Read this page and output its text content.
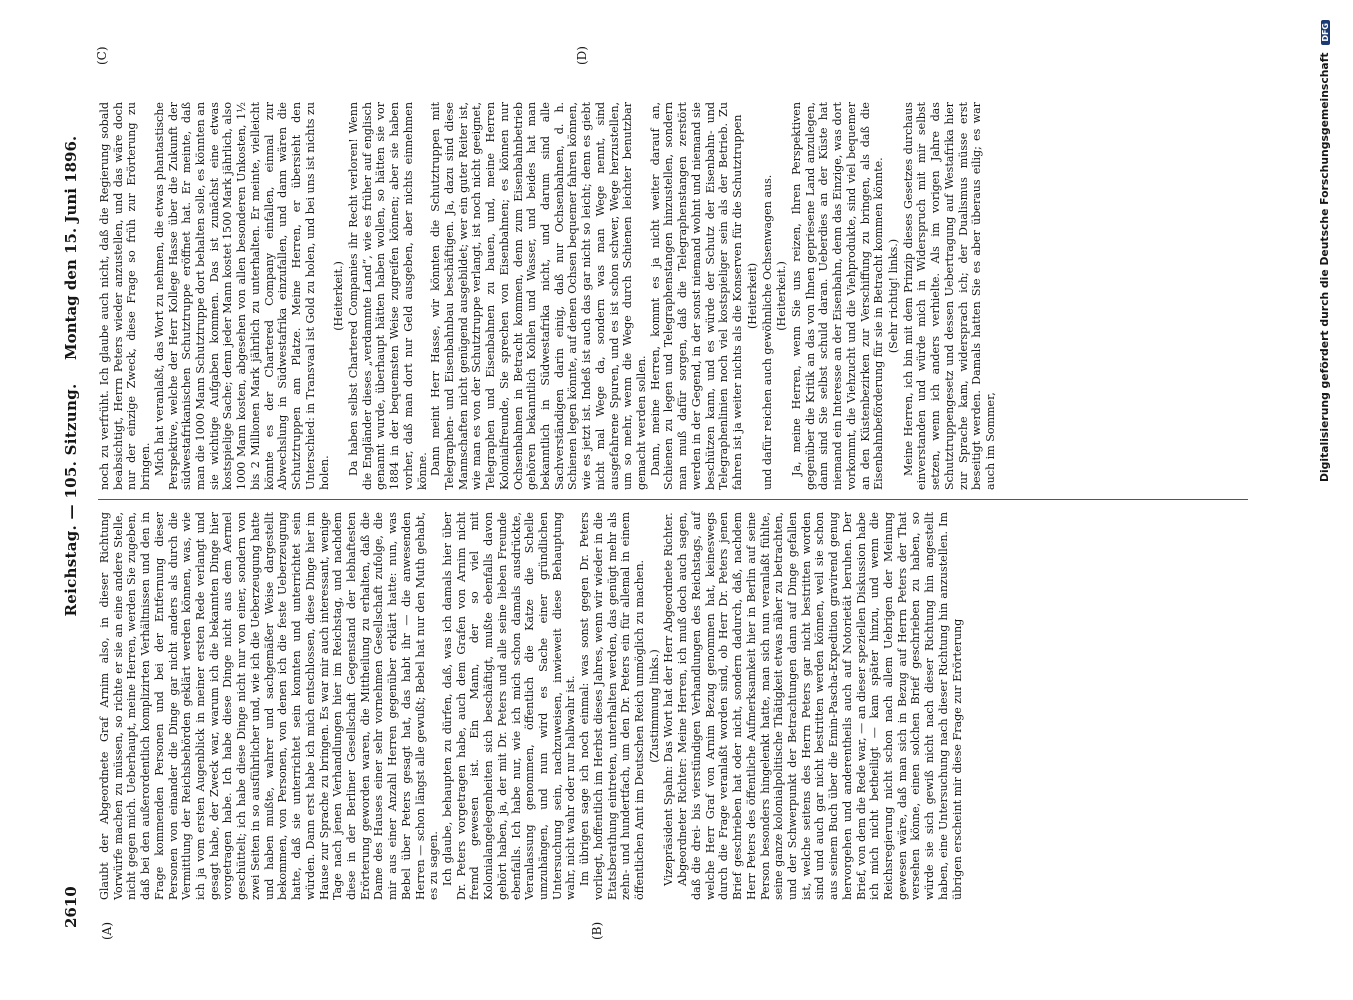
2610
Reichstag. — 105. Sitzung.
Montag den 15. Juni 1896.
(A)	(B)
(C)	(D)

Glaubt der Abgeordnete Graf Arnim also, in dieser Richtung Vorwürfe machen zu müssen, so richte er sie an eine andere Stelle, nicht gegen mich. Ueberhaupt, meine Herren, werden Sie zugeben, daß bei den außerordentlich komplizirten Verhältnissen und den in Frage kommenden Personen und bei der Entfernung dieser Personen von einander die Dinge gar nicht anders als durch die Vermittlung der Reichsbehörden geklärt werden können, was, wie ich ja vom ersten Augenblick in meiner ersten Rede verlangt und gesagt habe, der Zweck war, warum ich die bekannten Dinge hier vorgetragen habe. Ich habe diese Dinge nicht aus dem Aermel geschüttelt; ich habe diese Dinge nicht nur von einer, sondern von zwei Seiten in so ausführlicher und, wie ich die Ueberzeugung hatte und haben mußte, wahrer und sachgemäßer Weise dargestellt bekommen, von Personen, von denen ich die feste Ueberzeugung hatte, daß sie unterrichtet sein konnten und unterrichtet sein würden. Dann erst habe ich mich entschlossen, diese Dinge hier im Hause zur Sprache zu bringen. Es war mir auch interessant, wenige Tage nach jenen Verhandlungen hier im Reichstag, und nachdem diese in der Berliner Gesellschaft Gegenstand der lebhaftesten Erörterung geworden waren, die Mittheilung zu erhalten, daß die Dame des Hauses einer sehr vornehmen Gesellschaft zufolge, die mir aus einer Anzahl Herren gegenüber erklärt hatte: nun, was Bebel über Peters gesagt hat, das habt ihr — die anwesenden Herren — schon längst alle gewußt; Bebel hat nur den Muth gehabt, es zu sagen. Ich glaube, behaupten zu dürfen, daß, was ich damals hier über Dr. Peters vorgetragen habe, auch dem Grafen von Arnim nicht fremd gewesen ist. Ein Mann, der so viel mit Kolonialangelegenheiten sich beschäftigt, mußte ebenfalls davon gehört haben, ja, der mit Dr. Peters und alle seine lieben Freunde ebenfalls. Ich habe nur, wie ich mich schon damals ausdrückte, Veranlassung genommen, öffentlich die Katze die Schelle umzuhängen, und nun wird es Sache einer gründlichen Untersuchung sein, nachzuweisen, inwieweit diese Behauptung wahr, nicht wahr oder nur halbwahr ist. Im übrigen sage ich noch einmal: was sonst gegen Dr. Peters vorliegt, hoffentlich im Herbst dieses Jahres, wenn wir wieder in die Etatsberathung eintreten, unterhalten werden, das genügt mehr als zehn- und hundertfach, um den Dr. Peters ein für allemal in einem öffentlichen Amt im Deutschen Reich unmöglich zu machen. (Zustimmung links.) Vizepräsident Spahn: Das Wort hat der Herr Abgeordnete Richter. Abgeordneter Richter: Meine Herren, ich muß doch auch sagen, daß die drei- bis vierstündigen Verhandlungen des Reichstags, auf welche Herr Graf von Arnim Bezug genommen hat, keineswegs durch die Frage veranlaßt worden sind, ob Herr Dr. Peters jenen Brief geschrieben hat oder nicht, sondern dadurch, daß, nachdem Herr Peters des öffentliche Aufmerksamkeit hier in Berlin auf seine Person besonders hingelenkt hatte, man sich nun veranlaßt fühlte, seine ganze kolonialpolitische Thätigkeit etwas näher zu betrachten, und der Schwerpunkt der Betrachtungen dann auf Dinge gefallen ist, welche seitens des Herrn Peters gar nicht bestritten worden sind und auch gar nicht bestritten werden können, weil sie schon aus seinem Buch über die Emin-Pascha-Expedition gravirend genug hervorgehen und anderentheils auch auf Notorietät beruhen. Der Brief, von dem die Rede war, — an dieser speziellen Diskussion habe ich mich nicht betheiligt — kam später hinzu, und wenn die Reichsregierung nicht schon nach allem Uebrigen der Meinung gewesen wäre, daß man sich in Bezug auf Herrn Peters der That versehen könne, einen solchen Brief geschrieben zu haben, so würde sie sich gewiß nicht nach dieser Richtung hin angestellt haben, eine Untersuchung nach dieser Richtung hin anzustellen. Im übrigen erscheint mir diese Frage zur Erörterung

noch zu verfrüht. Ich glaube auch nicht, daß die Regierung sobald beabsichtigt, Herrn Peters wieder anzustellen, und das wäre doch nur der einzige Zweck, diese Frage so früh zur Erörterung zu bringen. Mich hat veranlaßt, das Wort zu nehmen, die etwas phantastische Perspektive, welche der Herr Kollege Hasse über die Zukunft der südwestafrikanischen Schutztruppe eröffnet hat. Er meinte, daß man die 1000 Mann Schutztruppe dort behalten solle, es könnten an sie wichtige Aufgaben kommen. Das ist zunächst eine etwas kostspielige Sache; denn jeder Mann kostet 1500 Mark jährlich, also 1000 Mann kosten, abgesehen von allen besonderen Unkosten, 1½ bis 2 Millionen Mark jährlich zu unterhalten. Er meinte, vielleicht könnte es der Chartered Company einfallen, einmal zur Abwechslung in Südwestafrika einzufallen, und dann wären die Schutztruppen am Platze. Meine Herren, er übersieht den Unterschied: in Transvaal ist Gold zu holen, und bei uns ist nichts zu holen.

(Heiterkeit.) Da haben selbst Chartered Companies ihr Recht verloren! Wenn die Engländer dieses „verdammte Land“, wie es früher auf englisch genannt wurde, überhaupt hätten haben wollen, so hätten sie vor 1884 in der bequemsten Weise zugreifen können; aber sie haben vorher, daß man dort nur Geld ausgeben, aber nichts einnehmen könne. Dann meint Herr Hasse, wir könnten die Schutztruppen mit Telegraphen- und Eisenbahnbau beschäftigen. Ja, dazu sind diese Mannschaften nicht genügend ausgebildet; wer ein guter Reiter ist, wie man es von der Schutztruppe verlangt, ist noch nicht geeignet, Telegraphen und Eisenbahnen zu bauen, und, meine Herren Kolonialfreunde, Sie sprechen von Eisenbahnen; es können nur Ochsenbahnen in Betracht kommen, denn zum Eisenbahnbetrieb gehören bekanntlich Kohlen und Wasser, und beides hat man bekanntlich in Südwestafrika nicht, und darum sind alle Sachverständigen darin einig, daß nur Ochsenbahnen, d. h. Schienen legen könnte, auf denen Ochsen bequemer fahren können, wie es jetzt ist. Indeß ist auch das gar nicht so leicht; denn es giebt nicht mal Wege da, sondern was man Wege nennt, sind ausgefahrene Spuren, und es ist schon schwer, Wege herzustellen, um so mehr, wenn die Wege durch Schienen leichter benutzbar gemacht werden sollen. Dann, meine Herren, kommt es ja nicht weiter darauf an, Schienen zu legen und Telegraphenstangen hinzustellen, sondern man muß dafür sorgen, daß die Telegraphenstangen zerstört werden in der Gegend, in der sonst niemand wohnt und niemand sie beschützen kann, und es würde der Schutz der Eisenbahn- und Telegraphenlinien noch viel kostspieliger sein als der Betrieb. Zu fahren ist ja weiter nichts als die Konserven für die Schutztruppen (Heiterkeit) und dafür reichen auch gewöhnliche Ochsenwagen aus. (Heiterkeit.) Ja, meine Herren, wenn Sie uns reizen, Ihren Perspektiven gegenüber die Kritik an das von Ihnen gepriesene Land anzulegen, dann sind Sie selbst schuld daran. Ueberdies an der Küste hat niemand ein Interesse an der Eisenbahn, denn das Einzige, was dort vorkommt, die Viehzucht und die Viehprodukte, sind viel bequemer an den Küstenbezirken zur Verschiffung zu bringen, als daß die Eisenbahnbeförderung für sie in Betracht kommen könnte. (Sehr richtig! links.) Meine Herren, ich bin mit dem Prinzip dieses Gesetzes durchaus einverstanden und würde mich in Widerspruch mit mir selbst setzen, wenn ich anders verhielte. Als im vorigen Jahre das Schutztruppengesetz und dessen Uebertragung auf Westafrika hier zur Sprache kam, widersprach ich; der Dualismus müsse erst beseitigt werden. Damals hatten Sie es aber überaus eilig; es war auch im Sommer,	Digitalisierung gefördert durch die Deutsche Forschungsgemeinschaft DFG
